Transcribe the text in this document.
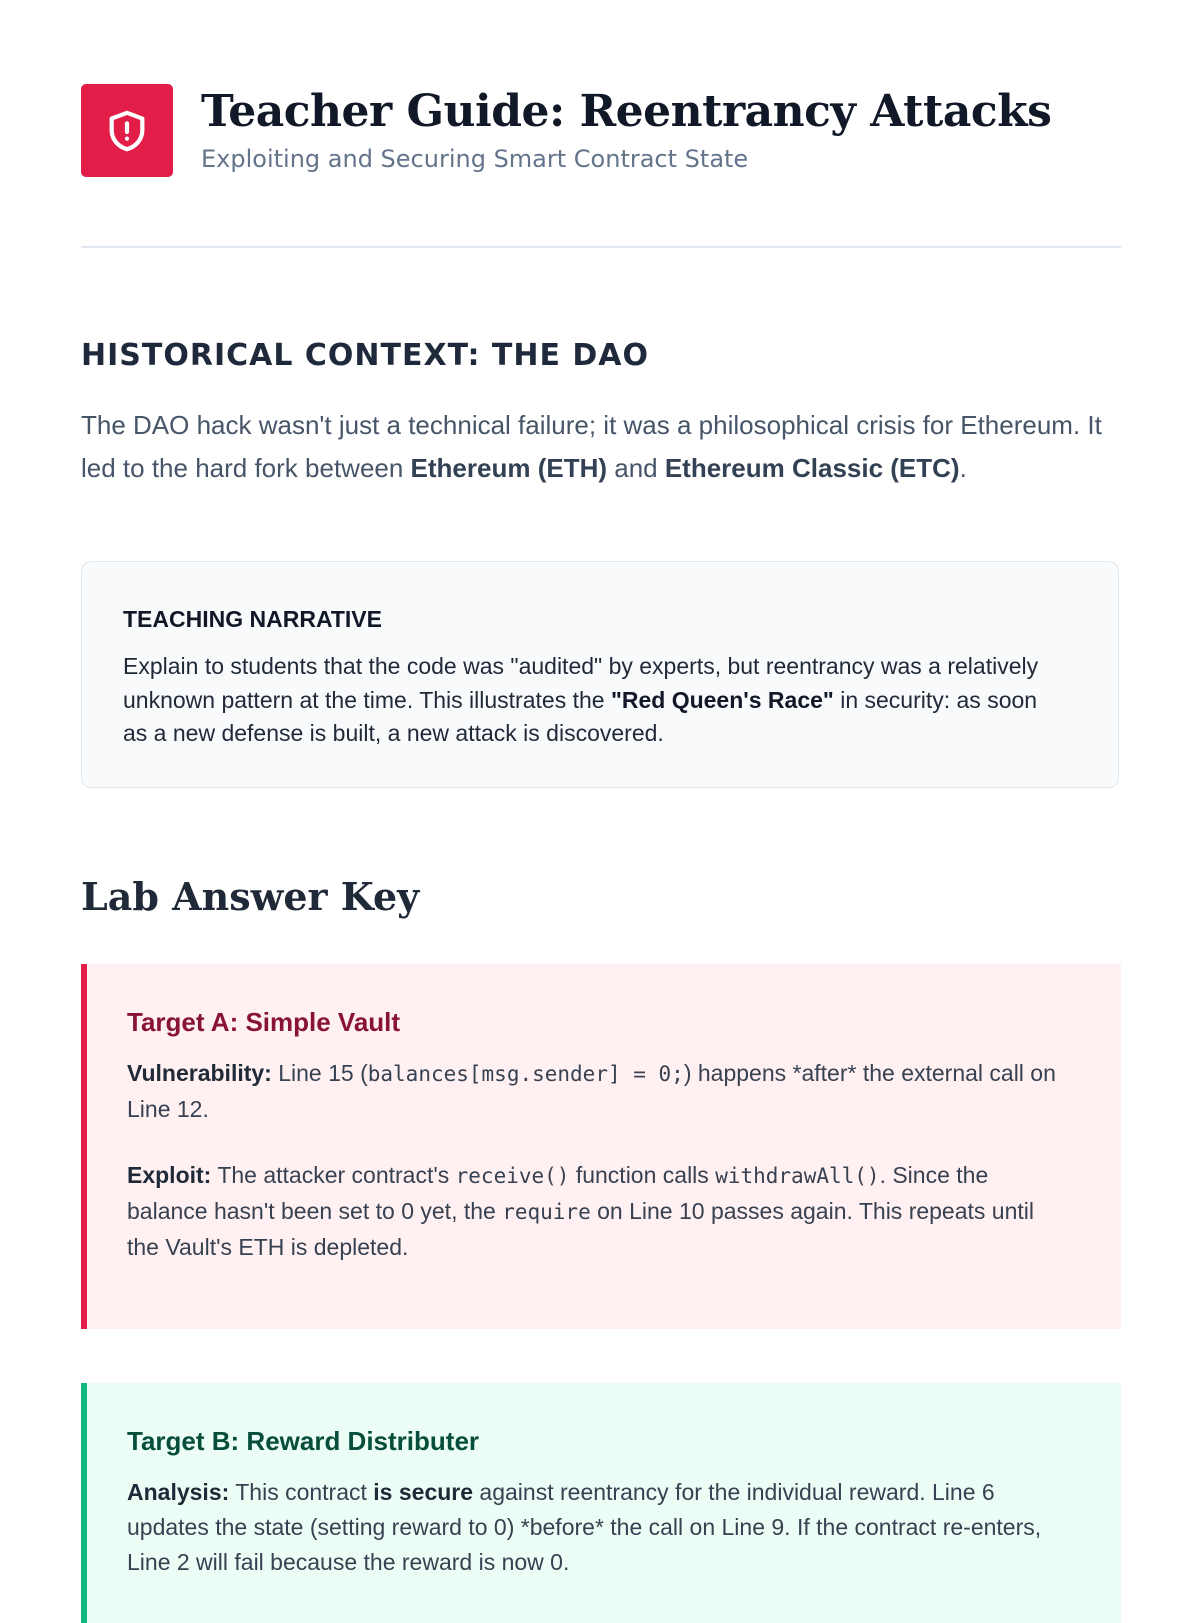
Teacher Guide: Reentrancy Attacks
Exploiting and Securing Smart Contract State
HISTORICAL CONTEXT: THE DAO

The DAO hack wasn't just a technical failure; it was a philosophical crisis for Ethereum. It led to the hard fork between Ethereum (ETH) and Ethereum Classic (ETC).

TEACHING NARRATIVE

Explain to students that the code was "audited" by experts, but reentrancy was a relatively unknown pattern at the time. This illustrates the "Red Queen's Race" in security: as soon as a new defense is built, a new attack is discovered.

Lab Answer Key
Target A: Simple Vault

Vulnerability: Line 15 (balances[msg.sender] = 0;) happens *after* the external call on Line 12.

Exploit: The attacker contract's receive() function calls withdrawAll(). Since the balance hasn't been set to 0 yet, the require on Line 10 passes again. This repeats until the Vault's ETH is depleted.

Target B: Reward Distributer

Analysis: This contract is secure against reentrancy for the individual reward. Line 6 updates the state (setting reward to 0) *before* the call on Line 9. If the contract re-enters, Line 2 will fail because the reward is now 0.
